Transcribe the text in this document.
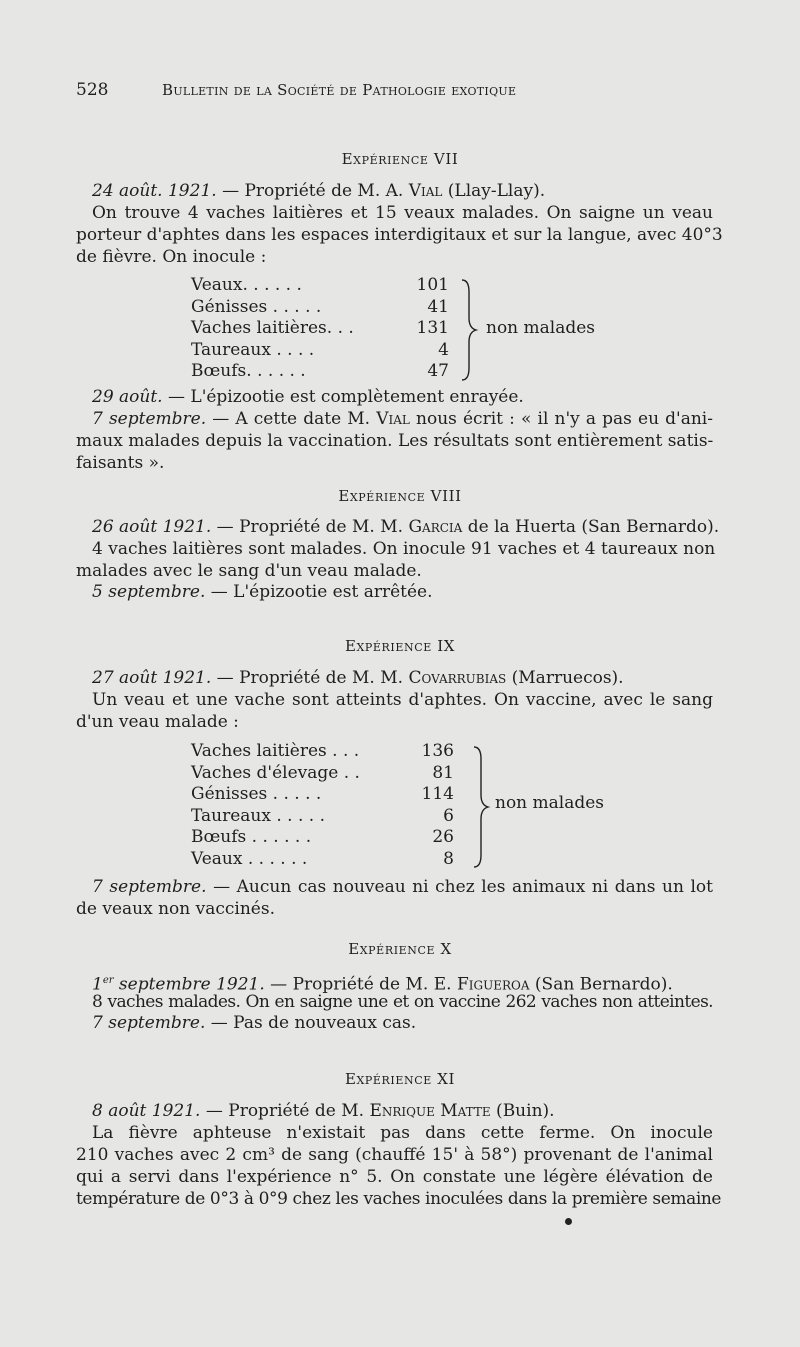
528	Bulletin de la Société de Pathologie exotique
Expérience VII
24 août. 1921. — Propriété de M. A. Vial (Llay-Llay).
On trouve 4 vaches laitières et 15 veaux malades. On saigne un veau
porteur d'aphtes dans les espaces interdigitaux et sur la langue, avec 40°3
de fièvre. On inocule :
Veaux. . . . . .	101
Génisses . . . . .	41
Vaches laitières. . .	131
Taureaux . . . .	4
Bœufs. . . . . .	47
non malades
29 août. — L'épizootie est complètement enrayée.
7 septembre. — A cette date M. Vial nous écrit : « il n'y a pas eu d'ani-
maux malades depuis la vaccination. Les résultats sont entièrement satis-
faisants ».
Expérience VIII
26 août 1921. — Propriété de M. M. Garcia de la Huerta (San Bernardo).
4 vaches laitières sont malades. On inocule 91 vaches et 4 taureaux non
malades avec le sang d'un veau malade.
5 septembre. — L'épizootie est arrêtée.
Expérience IX
27 août 1921. — Propriété de M. M. Covarrubias (Marruecos).
Un veau et une vache sont atteints d'aphtes. On vaccine, avec le sang
d'un veau malade :
Vaches laitières . . .	136
Vaches d'élevage . .	81
Génisses . . . . .	114
Taureaux . . . . .	6
Bœufs . . . . . .	26
Veaux . . . . . .	8
non malades
7 septembre. — Aucun cas nouveau ni chez les animaux ni dans un lot
de veaux non vaccinés.
Expérience X
1er septembre 1921. — Propriété de M. E. Figueroa (San Bernardo).
8 vaches malades. On en saigne une et on vaccine 262 vaches non atteintes.
7 septembre. — Pas de nouveaux cas.
Expérience XI
8 août 1921. — Propriété de M. Enrique Matte (Buin).
La fièvre aphteuse n'existait pas dans cette ferme. On inocule
210 vaches avec 2 cm³ de sang (chauffé 15' à 58°) provenant de l'animal
qui a servi dans l'expérience n° 5. On constate une légère élévation de
température de 0°3 à 0°9 chez les vaches inoculées dans la première semaine
